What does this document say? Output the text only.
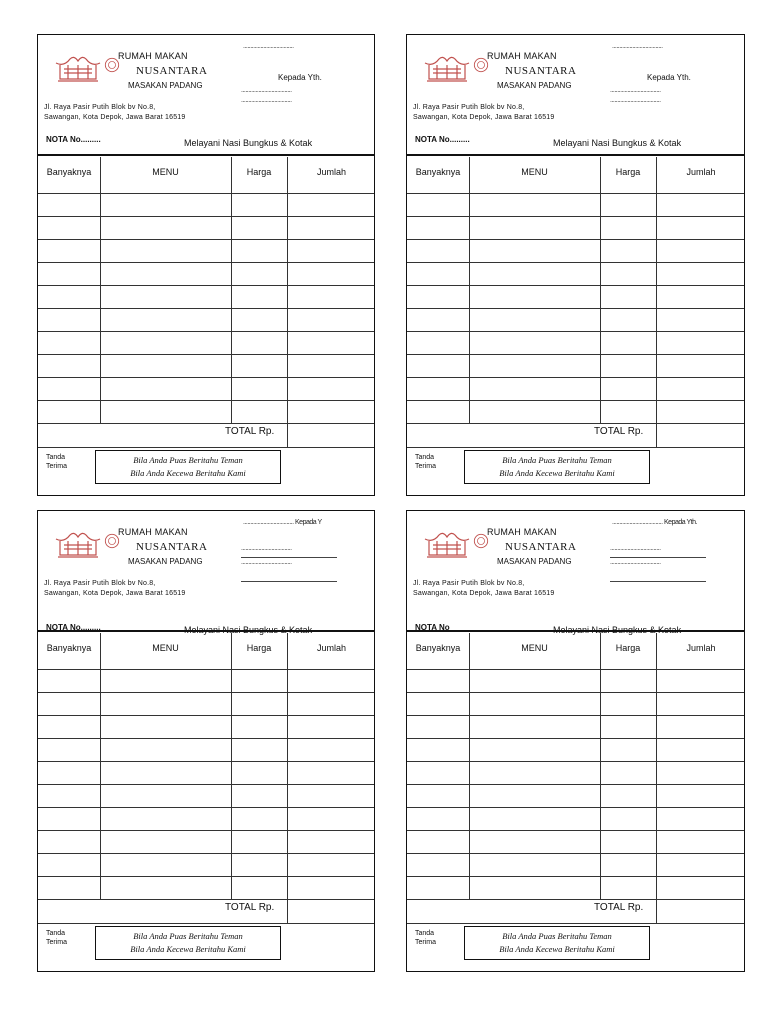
RUMAH MAKAN
NUSANTARA
MASAKAN PADANG
...................................
Kepada Yth.
...................................
...................................
Jl. Raya Pasir Putih Blok bv No.8,
Sawangan, Kota Depok, Jawa Barat 16519
NOTA No.........	Melayani Nasi Bungkus & Kotak
Banyaknya	MENU	Harga	Jumlah
TOTAL Rp.
Tanda
Terima
Bila Anda Puas Beritahu Teman
Bila Anda Kecewa Beritahu Kami
RUMAH MAKAN
NUSANTARA
MASAKAN PADANG
...................................
Kepada Yth.
...................................
...................................
Jl. Raya Pasir Putih Blok bv No.8,
Sawangan, Kota Depok, Jawa Barat 16519
NOTA No.........	Melayani Nasi Bungkus & Kotak
Banyaknya	MENU	Harga	Jumlah
TOTAL Rp.
Tanda
Terima
Bila Anda Puas Beritahu Teman
Bila Anda Kecewa Beritahu Kami
RUMAH MAKAN
NUSANTARA
MASAKAN PADANG
................................... Kepada Y
...................................
...................................
Jl. Raya Pasir Putih Blok bv No.8,
Sawangan, Kota Depok, Jawa Barat 16519
NOTA No.........	Melayani Nasi Bungkus & Kotak
Banyaknya	MENU	Harga	Jumlah
TOTAL Rp.
Tanda
Terima
Bila Anda Puas Beritahu Teman
Bila Anda Kecewa Beritahu Kami
RUMAH MAKAN
NUSANTARA
MASAKAN PADANG
................................... Kepada Yth.
...................................
...................................
Jl. Raya Pasir Putih Blok bv No.8,
Sawangan, Kota Depok, Jawa Barat 16519
NOTA No	Melayani Nasi Bungkus & Kotak
Banyaknya	MENU	Harga	Jumlah
TOTAL Rp.
Tanda
Terima
Bila Anda Puas Beritahu Teman
Bila Anda Kecewa Beritahu Kami
